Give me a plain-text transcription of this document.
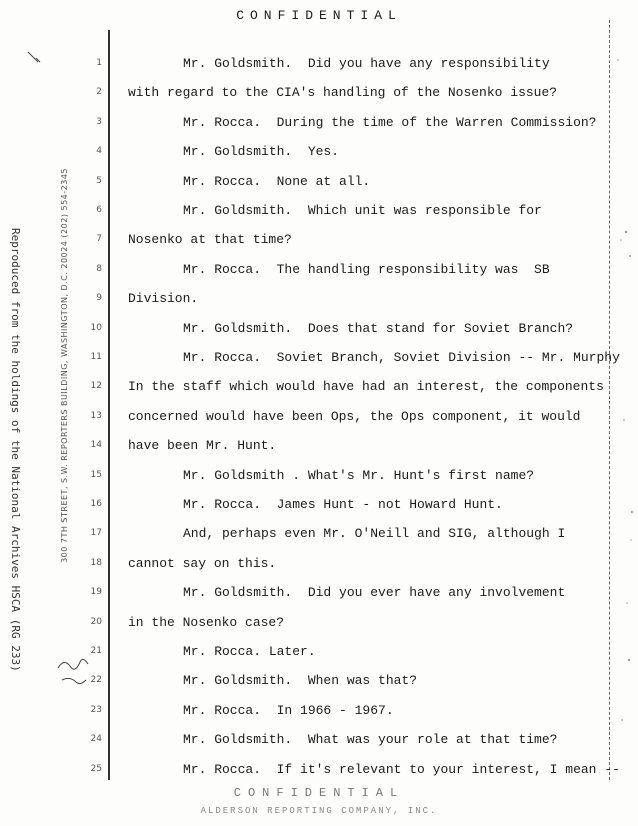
CONFIDENTIAL
Reproduced from the holdings of the National Archives HSCA (RG 233)	300 7TH STREET, S.W. REPORTERS BUILDING, WASHINGTON, D.C. 20024 (202) 554-2345
1	Mr. Goldsmith.  Did you have any responsibility
2 with regard to the CIA's handling of the Nosenko issue?
3	Mr. Rocca.  During the time of the Warren Commission?
4	Mr. Goldsmith.  Yes.
5	Mr. Rocca.  None at all.
6	Mr. Goldsmith.  Which unit was responsible for
7 Nosenko at that time?
8	Mr. Rocca.  The handling responsibility was  SB
9 Division.
10	Mr. Goldsmith.  Does that stand for Soviet Branch?
11	Mr. Rocca.  Soviet Branch, Soviet Division -- Mr. Murphy
12 In the staff which would have had an interest, the components
13 concerned would have been Ops, the Ops component, it would
14 have been Mr. Hunt.
15	Mr. Goldsmith . What's Mr. Hunt's first name?
16	Mr. Rocca.  James Hunt - not Howard Hunt.
17	And, perhaps even Mr. O'Neill and SIG, although I
18 cannot say on this.
19	Mr. Goldsmith.  Did you ever have any involvement
20 in the Nosenko case?
21	Mr. Rocca. Later.
22	Mr. Goldsmith.  When was that?
23	Mr. Rocca.  In 1966 - 1967.
24	Mr. Goldsmith.  What was your role at that time?
25	Mr. Rocca.  If it's relevant to your interest, I mean --
CONFIDENTIAL
ALDERSON REPORTING COMPANY, INC.
